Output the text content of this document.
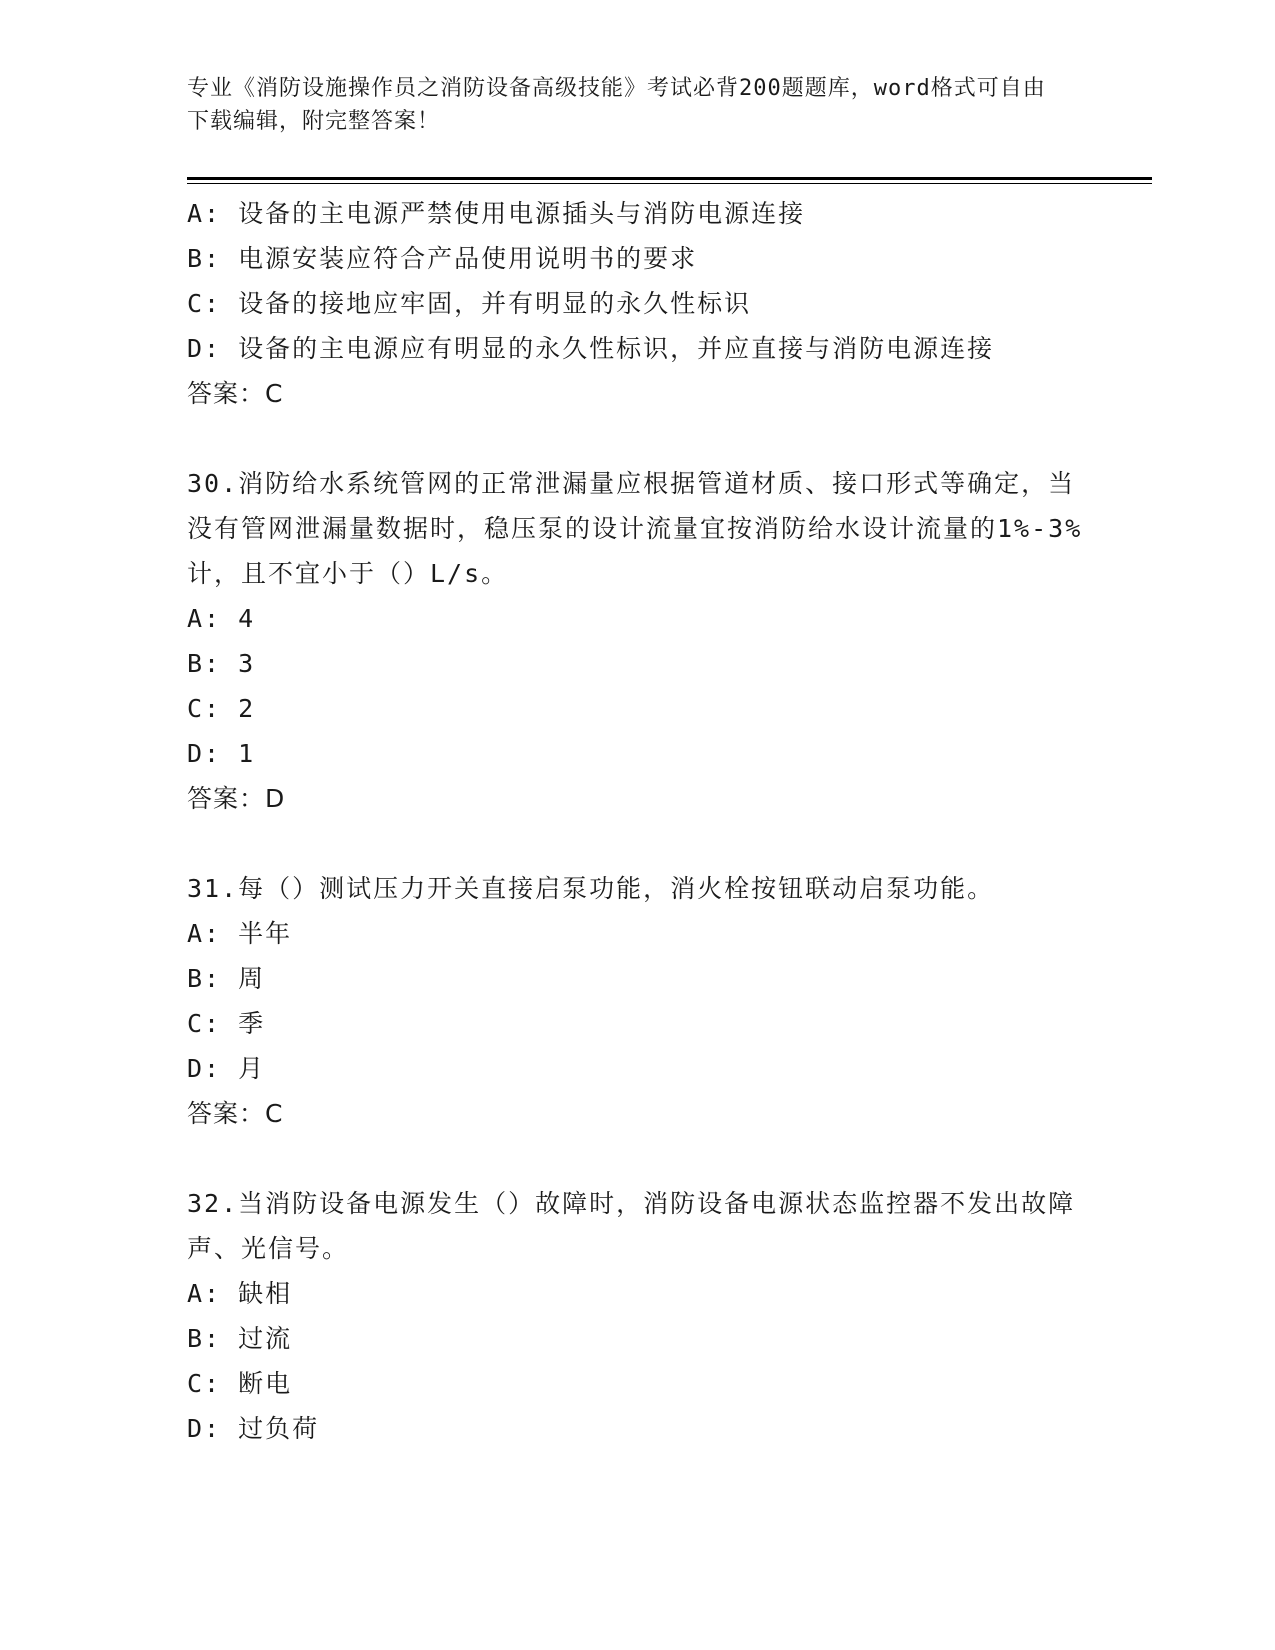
专业《消防设施操作员之消防设备高级技能》考试必背200题题库，word格式可自由下载编辑，附完整答案！
A: 设备的主电源严禁使用电源插头与消防电源连接
B: 电源安装应符合产品使用说明书的要求
C: 设备的接地应牢固，并有明显的永久性标识
D: 设备的主电源应有明显的永久性标识，并应直接与消防电源连接
答案：C
30.消防给水系统管网的正常泄漏量应根据管道材质、接口形式等确定，当没有管网泄漏量数据时，稳压泵的设计流量宜按消防给水设计流量的1%-3%计，且不宜小于（）L/s。
A: 4
B: 3
C: 2
D: 1
答案：D
31.每（）测试压力开关直接启泵功能，消火栓按钮联动启泵功能。
A: 半年
B: 周
C: 季
D: 月
答案：C
32.当消防设备电源发生（）故障时，消防设备电源状态监控器不发出故障声、光信号。
A: 缺相
B: 过流
C: 断电
D: 过负荷
